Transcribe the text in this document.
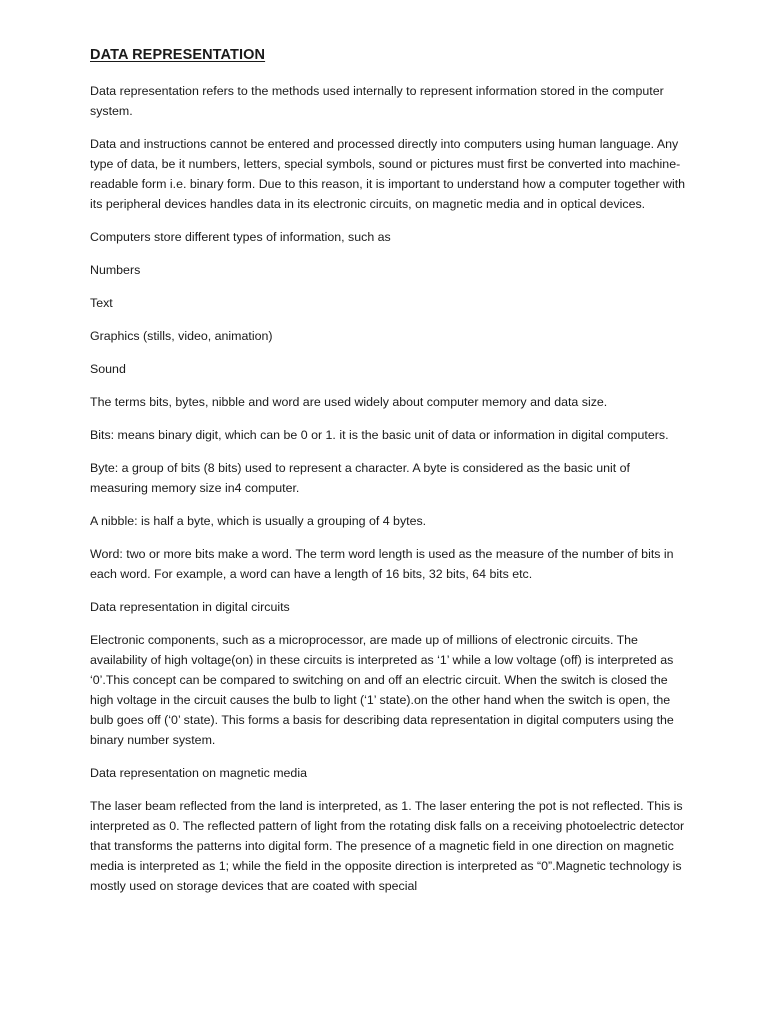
DATA REPRESENTATION

Data representation refers to the methods used internally to represent information stored in the computer system.

Data and instructions cannot be entered and processed directly into computers using human language. Any type of data, be it numbers, letters, special symbols, sound or pictures must first be converted into machine-readable form i.e. binary form. Due to this reason, it is important to understand how a computer together with its peripheral devices handles data in its electronic circuits, on magnetic media and in optical devices.

Computers store different types of information, such as

Numbers

Text

Graphics (stills, video, animation)

Sound

The terms bits, bytes, nibble and word are used widely about computer memory and data size.

Bits: means binary digit, which can be 0 or 1. it is the basic unit of data or information in digital computers.

Byte: a group of bits (8 bits) used to represent a character. A byte is considered as the basic unit of measuring memory size in4 computer.

A nibble: is half a byte, which is usually a grouping of 4 bytes.

Word: two or more bits make a word. The term word length is used as the measure of the number of bits in each word. For example, a word can have a length of 16 bits, 32 bits, 64 bits etc.

Data representation in digital circuits

Electronic components, such as a microprocessor, are made up of millions of electronic circuits. The availability of high voltage(on) in these circuits is interpreted as ‘1’ while a low voltage (off) is interpreted as ‘0’.This concept can be compared to switching on and off an electric circuit. When the switch is closed the high voltage in the circuit causes the bulb to light (‘1’ state).on the other hand when the switch is open, the bulb goes off (‘0’ state). This forms a basis for describing data representation in digital computers using the binary number system.

Data representation on magnetic media

The laser beam reflected from the land is interpreted, as 1. The laser entering the pot is not reflected. This is interpreted as 0. The reflected pattern of light from the rotating disk falls on a receiving photoelectric detector that transforms the patterns into digital form. The presence of a magnetic field in one direction on magnetic media is interpreted as 1; while the field in the opposite direction is interpreted as “0”.Magnetic technology is mostly used on storage devices that are coated with special
